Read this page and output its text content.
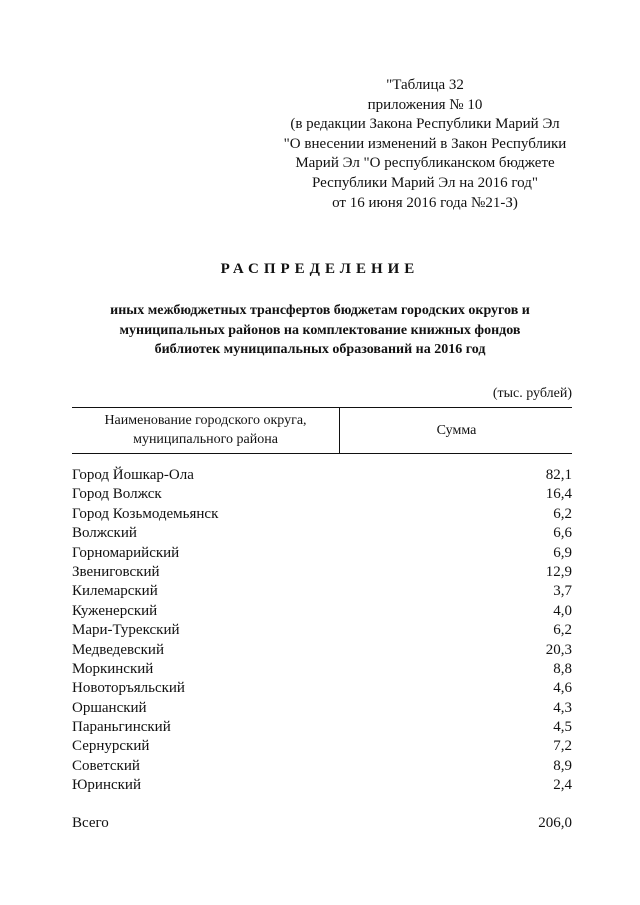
"Таблица 32
приложения № 10
(в редакции Закона Республики Марий Эл
"О внесении изменений в Закон Республики
Марий Эл "О республиканском бюджете
Республики Марий Эл на 2016 год"
от 16 июня 2016 года №21-З)
РАСПРЕДЕЛЕНИЕ
иных межбюджетных трансфертов бюджетам городских округов и
муниципальных районов на комплектование книжных фондов
библиотек муниципальных образований на 2016 год
(тыс. рублей)
Наименование городского округа,
муниципального района
Сумма
Город Йошкар-Ола	82,1
Город Волжск	16,4
Город Козьмодемьянск	6,2
Волжский	6,6
Горномарийский	6,9
Звениговский	12,9
Килемарский	3,7
Куженерский	4,0
Мари-Турекский	6,2
Медведевский	20,3
Моркинский	8,8
Новоторъяльский	4,6
Оршанский	4,3
Параньгинский	4,5
Сернурский	7,2
Советский	8,9
Юринский	2,4
Всего	206,0
